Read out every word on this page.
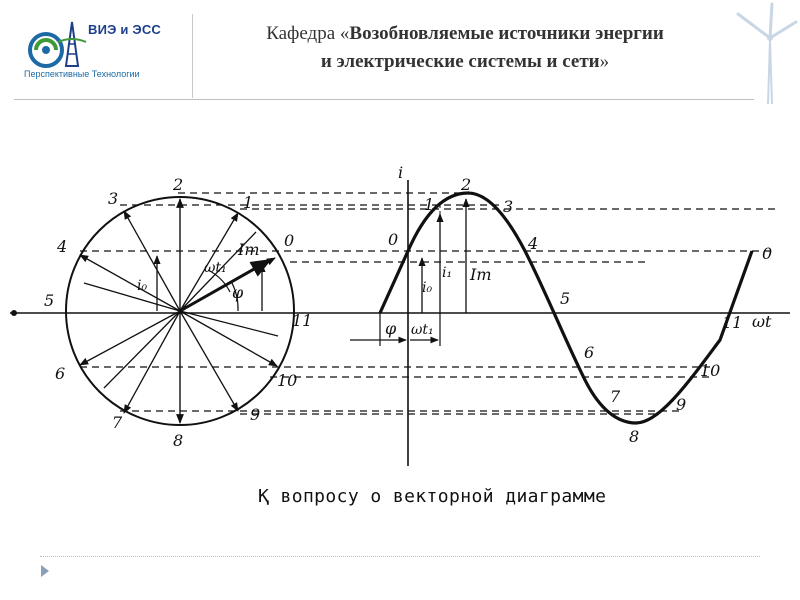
ВИЭ и ЭСС
Перспективные Технологии
Кафедра «Возобновляемые источники энергии
и электрические системы и сети»
0
1
2
3
4
5
6
7
8
9
10
11
Im
ωt₁
φ
i₀
i
ωt
0
1
2
3
4
5
6
7
8
9
10
11
0
Im
i₁
i₀
φ ωt₁
Қ вопросу о векторной диаграмме
